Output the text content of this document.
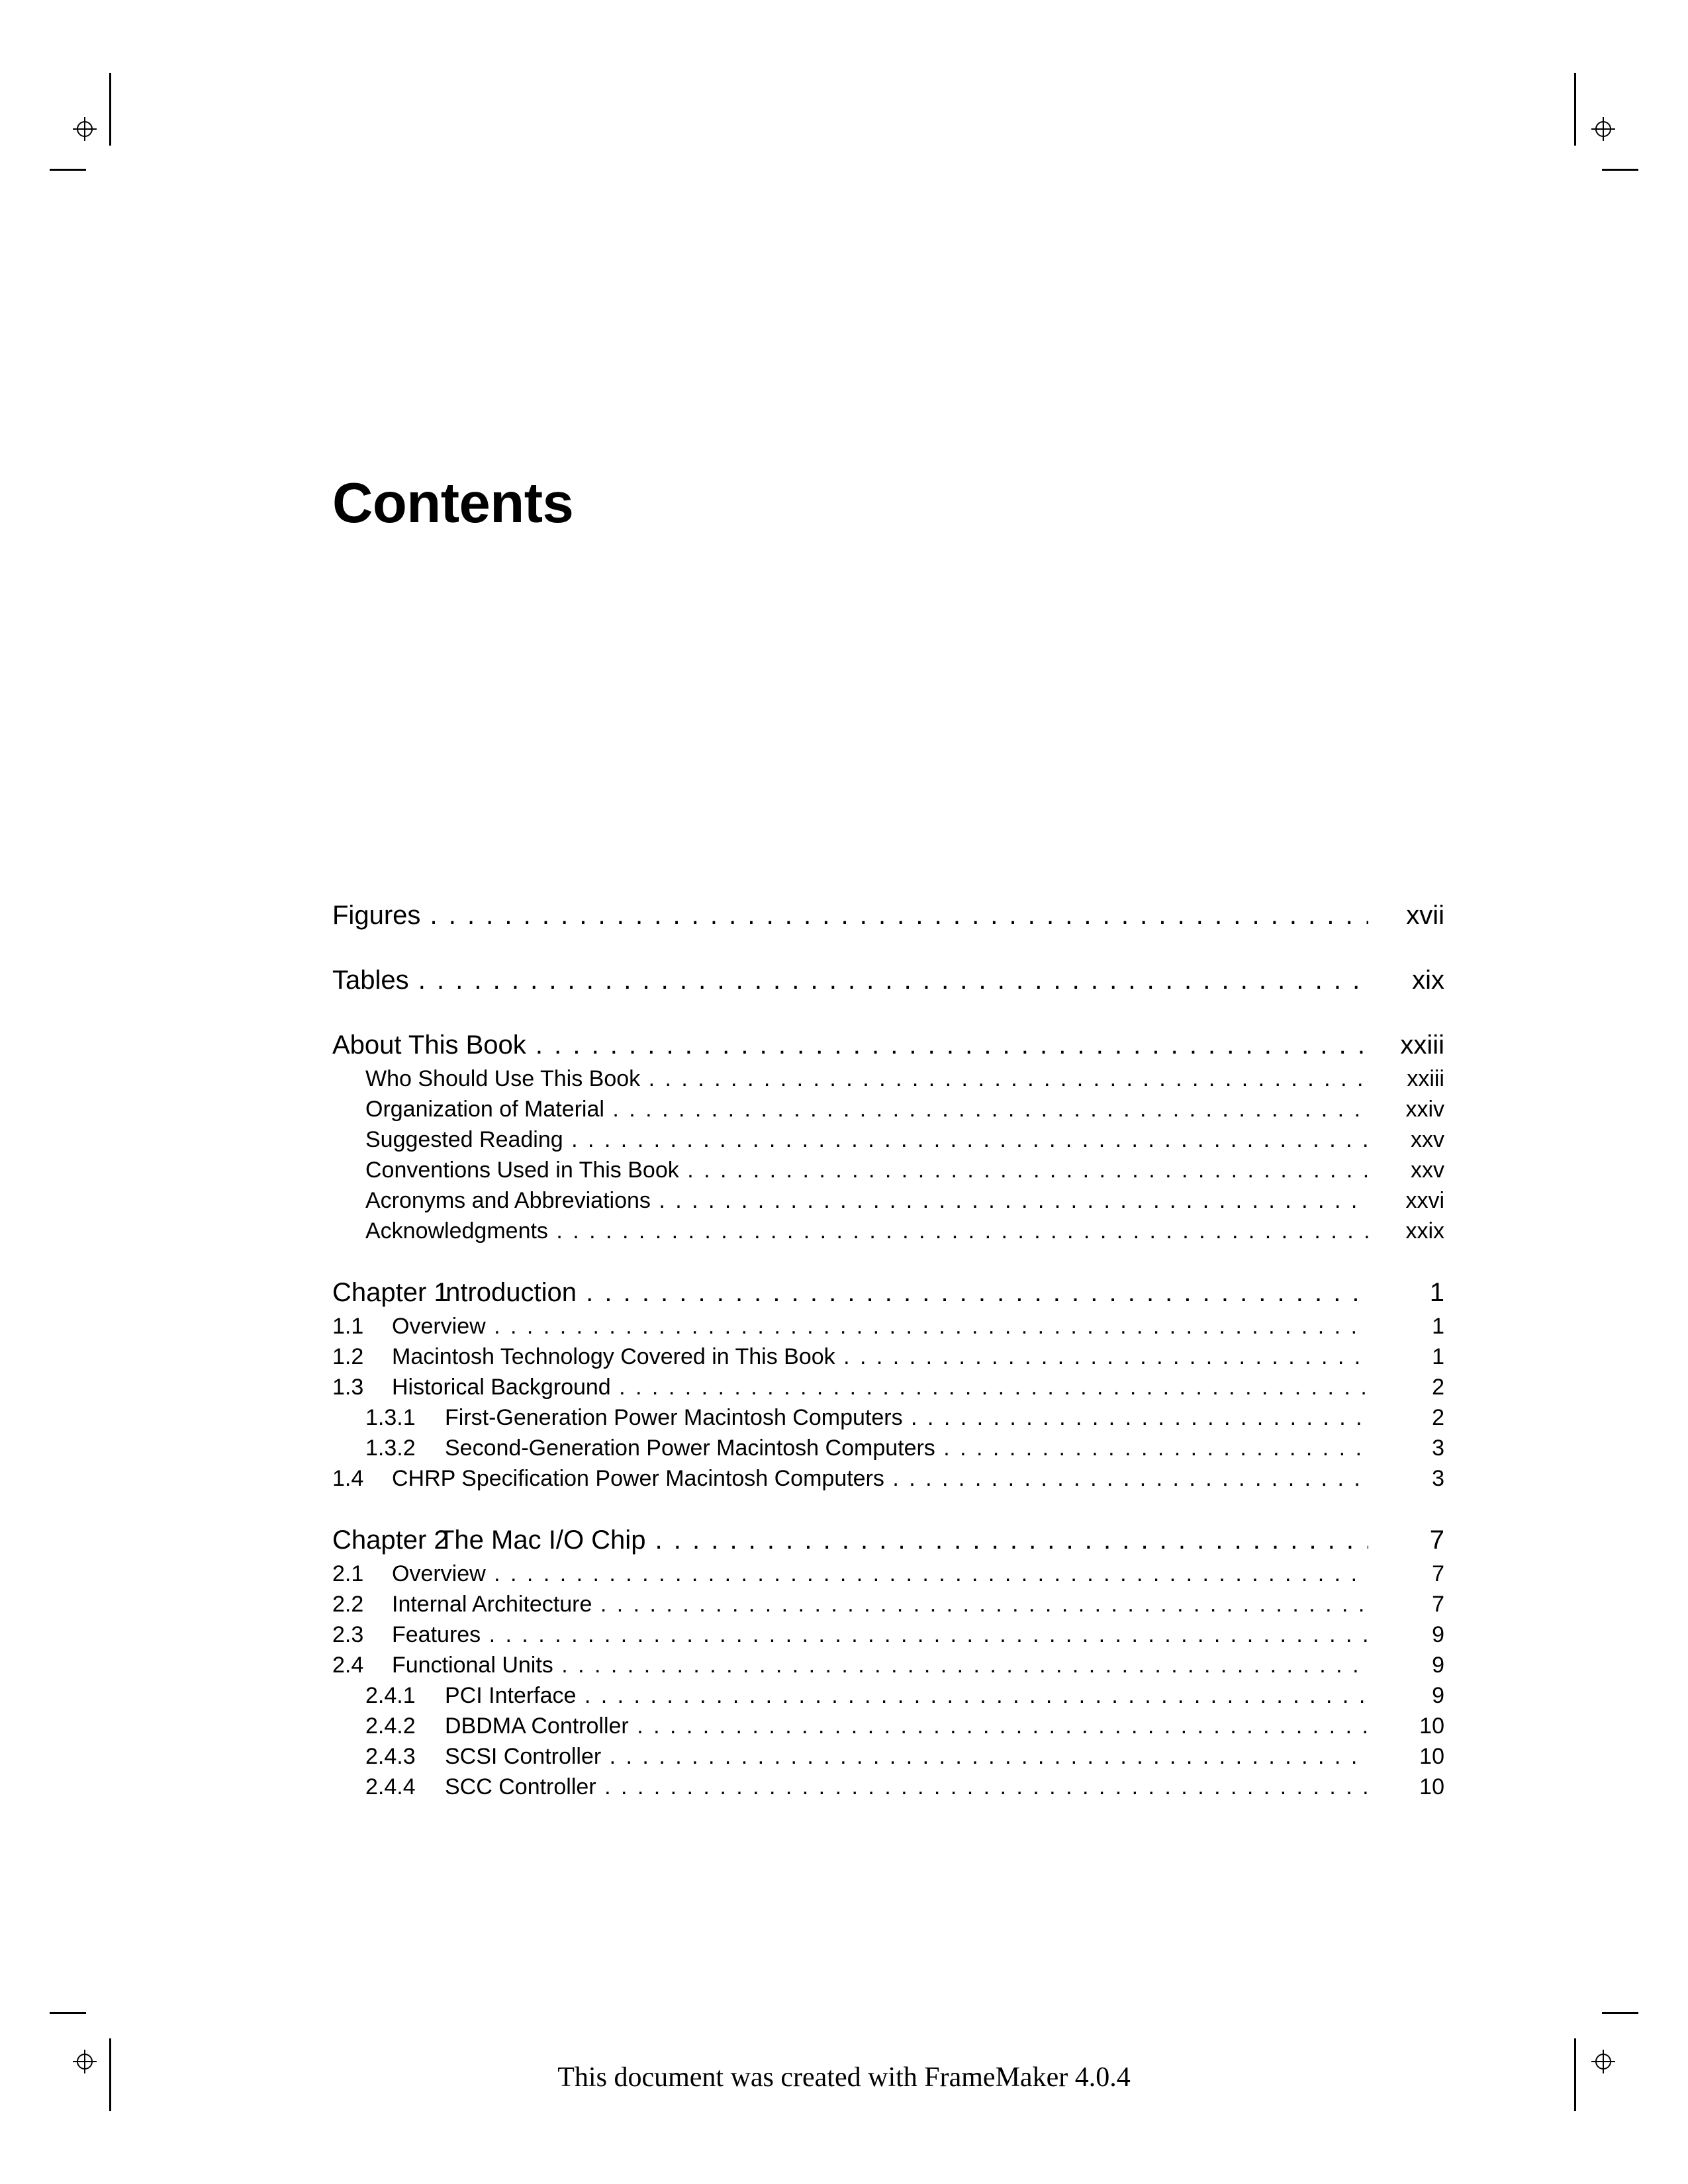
Contents
Figures . . .	xvii
Tables . . .	xix
About This Book . . .	xxiii
Who Should Use This Book . . .	xxiii
Organization of Material . . .	xxiv
Suggested Reading . . .	xxv
Conventions Used in This Book . . .	xxv
Acronyms and Abbreviations . . .	xxvi
Acknowledgments . . .	xxix
Chapter 1Introduction . . .	1
1.1 Overview . . .	1
1.2 Macintosh Technology Covered in This Book . . .	1
1.3 Historical Background . . .	2
1.3.1 First-Generation Power Macintosh Computers . . .	2
1.3.2 Second-Generation Power Macintosh Computers . . .	3
1.4 CHRP Specification Power Macintosh Computers . . .	3
Chapter 2The Mac I/O Chip . . .	7
2.1 Overview . . .	7
2.2 Internal Architecture . . .	7
2.3 Features . . .	9
2.4 Functional Units . . .	9
2.4.1 PCI Interface . . .	9
2.4.2 DBDMA Controller . . .	10
2.4.3 SCSI Controller . . .	10
2.4.4 SCC Controller . . .	10
This document was created with FrameMaker 4.0.4
